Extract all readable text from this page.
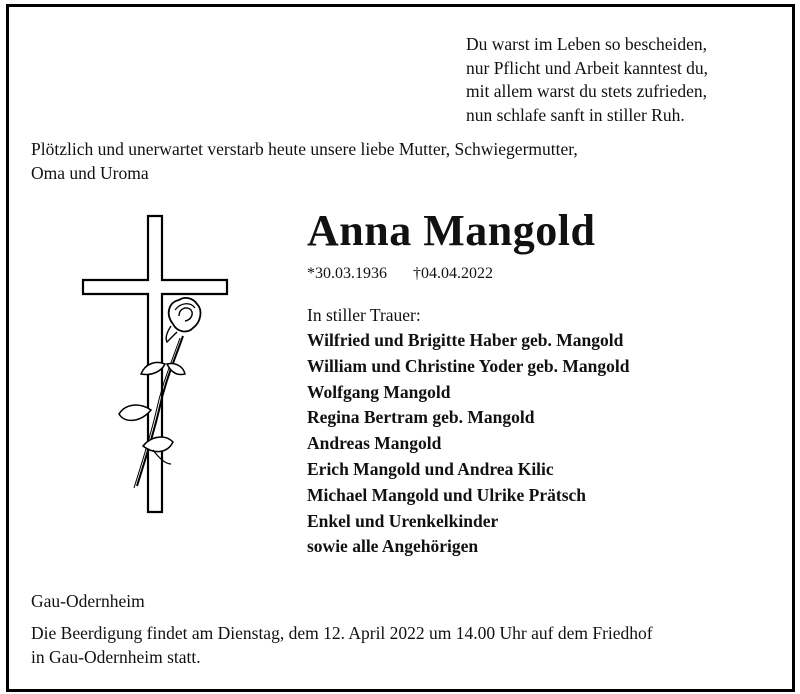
Du warst im Leben so bescheiden,
nur Pflicht und Arbeit kanntest du,
mit allem warst du stets zufrieden,
nun schlafe sanft in stiller Ruh.
Plötzlich und unerwartet verstarb heute unsere liebe Mutter, Schwiegermutter,
Oma und Uroma
Anna Mangold
*30.03.1936 †04.04.2022
In stiller Trauer:
Wilfried und Brigitte Haber geb. Mangold
William und Christine Yoder geb. Mangold
Wolfgang Mangold
Regina Bertram geb. Mangold
Andreas Mangold
Erich Mangold und Andrea Kilic
Michael Mangold und Ulrike Prätsch
Enkel und Urenkelkinder
sowie alle Angehörigen
Gau-Odernheim
Die Beerdigung findet am Dienstag, dem 12. April 2022 um 14.00 Uhr auf dem Friedhof
in Gau-Odernheim statt.
